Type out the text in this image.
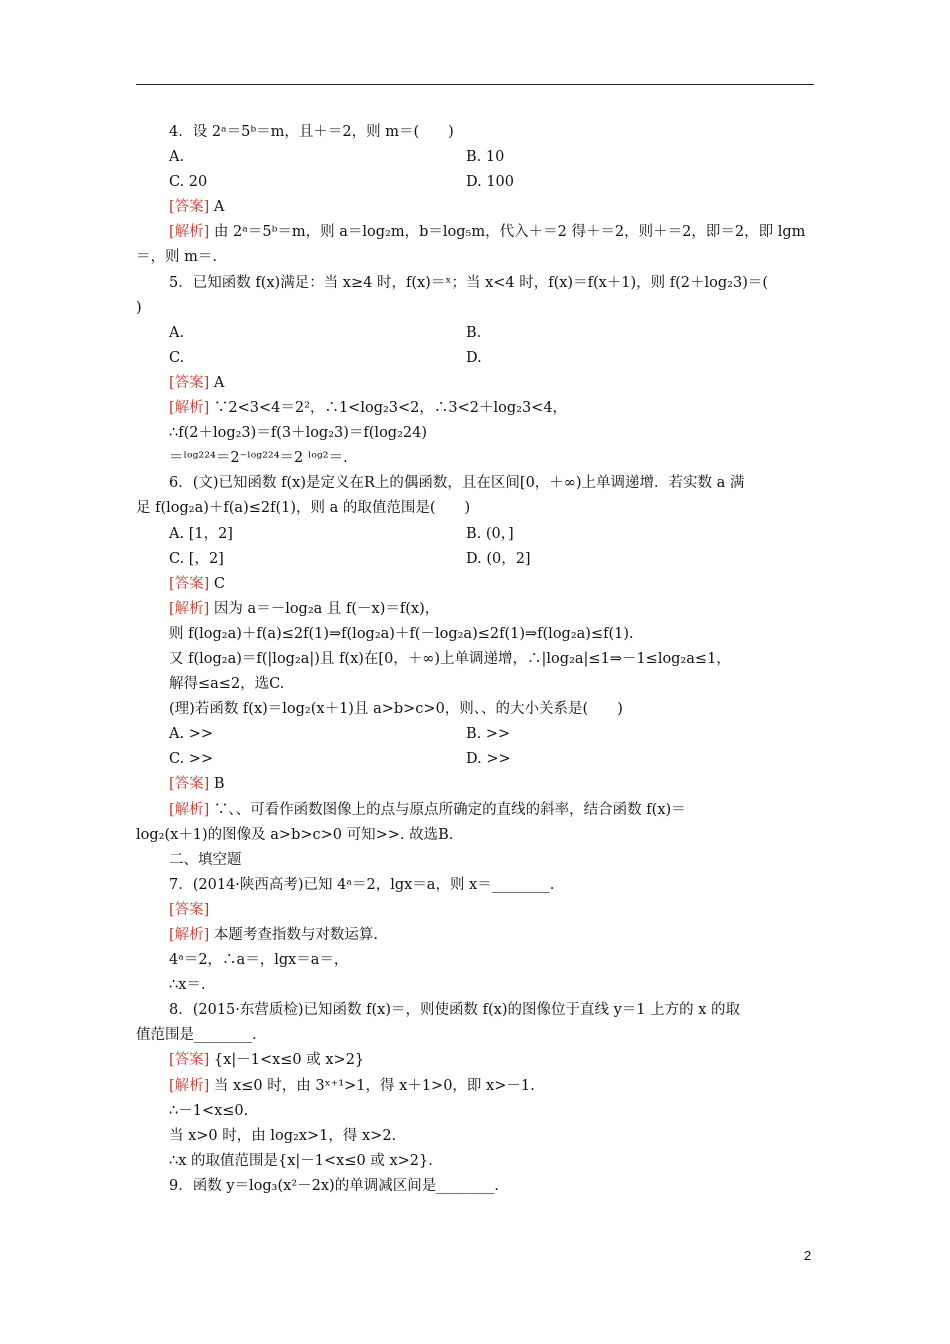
4．设 2ᵃ＝5ᵇ＝m，且＋＝2，则 m＝(　　)
A.	B. 10
C. 20	D. 100
[答案] A
[解析] 由 2ᵃ＝5ᵇ＝m，则 a＝log₂m，b＝log₅m，代入＋＝2 得＋＝2，则＋＝2，即＝2，即 lgm
＝，则 m＝.
5．已知函数 f(x)满足：当 x≥4 时，f(x)＝ˣ；当 x<4 时，f(x)＝f(x＋1)，则 f(2＋log₂3)＝(
)
A.	B.
C.	D.
[答案] A
[解析] ∵2<3<4＝2²，∴1<log₂3<2，∴3<2＋log₂3<4，
∴f(2＋log₂3)＝f(3＋log₂3)＝f(log₂24)
＝ˡᵒᵍ²²⁴＝2⁻ˡᵒᵍ²²⁴＝2 ˡᵒᵍ²＝.
6．(文)已知函数 f(x)是定义在R上的偶函数，且在区间[0，＋∞)上单调递增．若实数 a 满
足 f(log₂a)＋f(a)≤2f(1)，则 a 的取值范围是(　　)
A. [1，2]	B. (0，]
C. [，2]	D. (0，2]
[答案] C
[解析] 因为 a＝－log₂a 且 f(－x)＝f(x)，
则 f(log₂a)＋f(a)≤2f(1)⇒f(log₂a)＋f(－log₂a)≤2f(1)⇒f(log₂a)≤f(1).
又 f(log₂a)＝f(|log₂a|)且 f(x)在[0，＋∞)上单调递增，∴|log₂a|≤1⇒－1≤log₂a≤1，
解得≤a≤2，选C.
(理)若函数 f(x)＝log₂(x＋1)且 a>b>c>0，则、、的大小关系是(　　)
A. >>	B. >>
C. >>	D. >>
[答案] B
[解析] ∵、、可看作函数图像上的点与原点所确定的直线的斜率，结合函数 f(x)＝
log₂(x＋1)的图像及 a>b>c>0 可知>>. 故选B.
二、填空题
7．(2014·陕西高考)已知 4ᵃ＝2，lgx＝a，则 x＝________.
[答案]
[解析] 本题考查指数与对数运算.
4ᵃ＝2，∴a＝，lgx＝a＝，
∴x＝.
8．(2015·东营质检)已知函数 f(x)＝，则使函数 f(x)的图像位于直线 y＝1 上方的 x 的取
值范围是________.
[答案] {x|－1<x≤0 或 x>2}
[解析] 当 x≤0 时，由 3ˣ⁺¹>1，得 x＋1>0，即 x>－1.
∴－1<x≤0.
当 x>0 时，由 log₂x>1，得 x>2.
∴x 的取值范围是{x|－1<x≤0 或 x>2}.
9．函数 y＝log₃(x²－2x)的单调减区间是________.
2
